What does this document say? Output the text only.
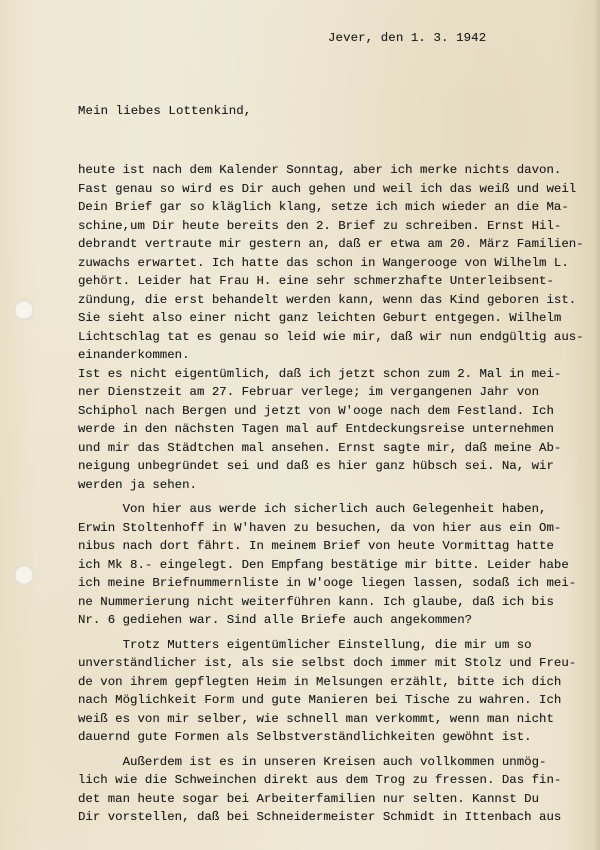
Jever, den 1. 3. 1942

Mein liebes Lottenkind,

heute ist nach dem Kalender Sonntag, aber ich merke nichts davon.
Fast genau so wird es Dir auch gehen und weil ich das weiß und weil
Dein Brief gar so kläglich klang, setze ich mich wieder an die Ma-
schine,um Dir heute bereits den 2. Brief zu schreiben. Ernst Hil-
debrandt vertraute mir gestern an, daß er etwa am 20. März Familien-
zuwachs erwartet. Ich hatte das schon in Wangerooge von Wilhelm L.
gehört. Leider hat Frau H. eine sehr schmerzhafte Unterleibsent-
zündung, die erst behandelt werden kann, wenn das Kind geboren ist.
Sie sieht also einer nicht ganz leichten Geburt entgegen. Wilhelm
Lichtschlag tat es genau so leid wie mir, daß wir nun endgültig aus-
einanderkommen.
Ist es nicht eigentümlich, daß ich jetzt schon zum 2. Mal in mei-
ner Dienstzeit am 27. Februar verlege; im vergangenen Jahr von
Schiphol nach Bergen und jetzt von W'ooge nach dem Festland. Ich
werde in den nächsten Tagen mal auf Entdeckungsreise unternehmen
und mir das Städtchen mal ansehen. Ernst sagte mir, daß meine Ab-
neigung unbegründet sei und daß es hier ganz hübsch sei. Na, wir
werden ja sehen.
Von hier aus werde ich sicherlich auch Gelegenheit haben,
Erwin Stoltenhoff in W'haven zu besuchen, da von hier aus ein Om-
nibus nach dort fährt. In meinem Brief von heute Vormittag hatte
ich Mk 8.- eingelegt. Den Empfang bestätige mir bitte. Leider habe
ich meine Briefnummernliste in W'ooge liegen lassen, sodaß ich mei-
ne Nummerierung nicht weiterführen kann. Ich glaube, daß ich bis
Nr. 6 gediehen war. Sind alle Briefe auch angekommen?
Trotz Mutters eigentümlicher Einstellung, die mir um so
unverständlicher ist, als sie selbst doch immer mit Stolz und Freu-
de von ihrem gepflegten Heim in Melsungen erzählt, bitte ich dich
nach Möglichkeit Form und gute Manieren bei Tische zu wahren. Ich
weiß es von mir selber, wie schnell man verkommt, wenn man nicht
dauernd gute Formen als Selbstverständlichkeiten gewöhnt ist.
Außerdem ist es in unseren Kreisen auch vollkommen unmög-
lich wie die Schweinchen direkt aus dem Trog zu fressen. Das fin-
det man heute sogar bei Arbeiterfamilien nur selten. Kannst Du
Dir vorstellen, daß bei Schneidermeister Schmidt in Ittenbach aus
